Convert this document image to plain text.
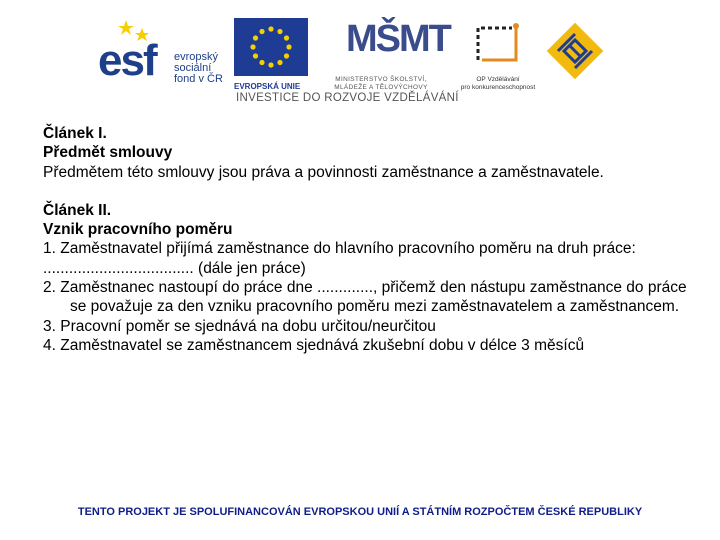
esf evropský
sociální
fond v ČR
EVROPSKÁ UNIE
MŠMT
MINISTERSTVO ŠKOLSTVÍ,
MLÁDEŽE A TĚLOVÝCHOVY
OP Vzdělávání
pro konkurenceschopnost
INVESTICE DO ROZVOJE VZDĚLÁVÁNÍ

Článek I.

Předmět smlouvy

Předmětem této smlouvy jsou práva a povinnosti zaměstnance a zaměstnavatele.

Článek II.

Vznik pracovního poměru

1. Zaměstnavatel přijímá zaměstnance do hlavního pracovního poměru na druh práce:

................................... (dále jen práce)

2. Zaměstnanec nastoupí do práce dne ............., přičemž den nástupu zaměstnance do práce se považuje za den vzniku pracovního poměru mezi zaměstnavatelem a zaměstnancem.

3. Pracovní poměr se sjednává na dobu určitou/neurčitou

4. Zaměstnavatel se zaměstnancem sjednává zkušební dobu v délce 3 měsíců

TENTO PROJEKT JE SPOLUFINANCOVÁN EVROPSKOU UNIÍ A STÁTNÍM ROZPOČTEM ČESKÉ REPUBLIKY
